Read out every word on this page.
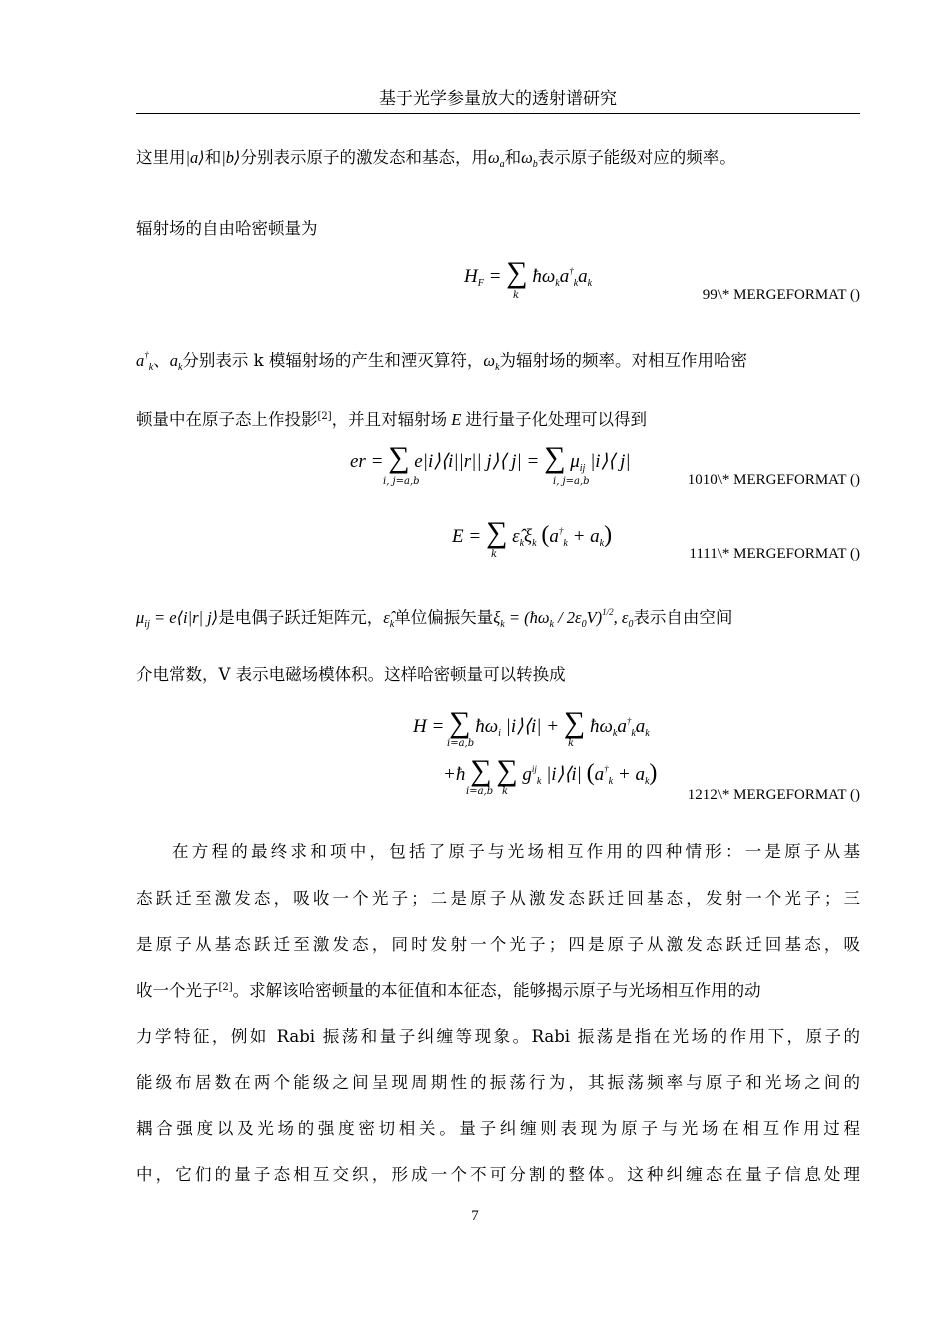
基于光学参量放大的透射谱研究
这里用|a⟩和|b⟩分别表示原子的激发态和基态，用$\omega_a$和$\omega_b$表示原子能级对应的频率。
辐射场的自由哈密顿量为
$H_F$ = ∑ $ħ\omega_ka^\dagger_ka_k$
k	99\* MERGEFORMAT ()
$a^\dagger_k$、$a_k$分别表示 k 模辐射场的产生和湮灭算符，$\omega_k$为辐射场的频率。对相互作用哈密
顿量中在原子态上作投影[2]，并且对辐射场 E 进行量子化处理可以得到
er = ∑ e|i⟩⟨i||r|| j⟩⟨ j| = ∑ $\mu_{ij}$ |i⟩⟨ j|
i, j=a,b	i, j=a,b	1010\* MERGEFORMAT ()
E = ∑ $\varepsilon̂_k\xi_k$ $(a^\dagger_k + a_k)$
k	1111\* MERGEFORMAT ()
$\mu_{ij}$ = e⟨i|r| j⟩是电偶子跃迁矩阵元，$\varepsilon̂_k$单位偏振矢量$\xi_k$ = $(ħ\omega_k / 2\varepsilon_0V)^{1/2}$, $\varepsilon_0$表示自由空间
介电常数，V 表示电磁场模体积。这样哈密顿量可以转换成
H = ∑ $ħ\omega_i$ |i⟩⟨i| + ∑ $ħ\omega_ka^\dagger_ka_k$
i=a,b	k
+ħ ∑ ∑ $g^{ij}_k$ |i⟩⟨i| $(a^\dagger_k + a_k)$
i=a,b k	1212\* MERGEFORMAT ()
在方程的最终求和项中，包括了原子与光场相互作用的四种情形：一是原子从基
态跃迁至激发态，吸收一个光子；二是原子从激发态跃迁回基态，发射一个光子；三
是原子从基态跃迁至激发态，同时发射一个光子；四是原子从激发态跃迁回基态，吸
收一个光子[2]。求解该哈密顿量的本征值和本征态，能够揭示原子与光场相互作用的动
力学特征，例如 Rabi 振荡和量子纠缠等现象。Rabi 振荡是指在光场的作用下，原子的
能级布居数在两个能级之间呈现周期性的振荡行为，其振荡频率与原子和光场之间的
耦合强度以及光场的强度密切相关。量子纠缠则表现为原子与光场在相互作用过程
中，它们的量子态相互交织，形成一个不可分割的整体。这种纠缠态在量子信息处理
7
